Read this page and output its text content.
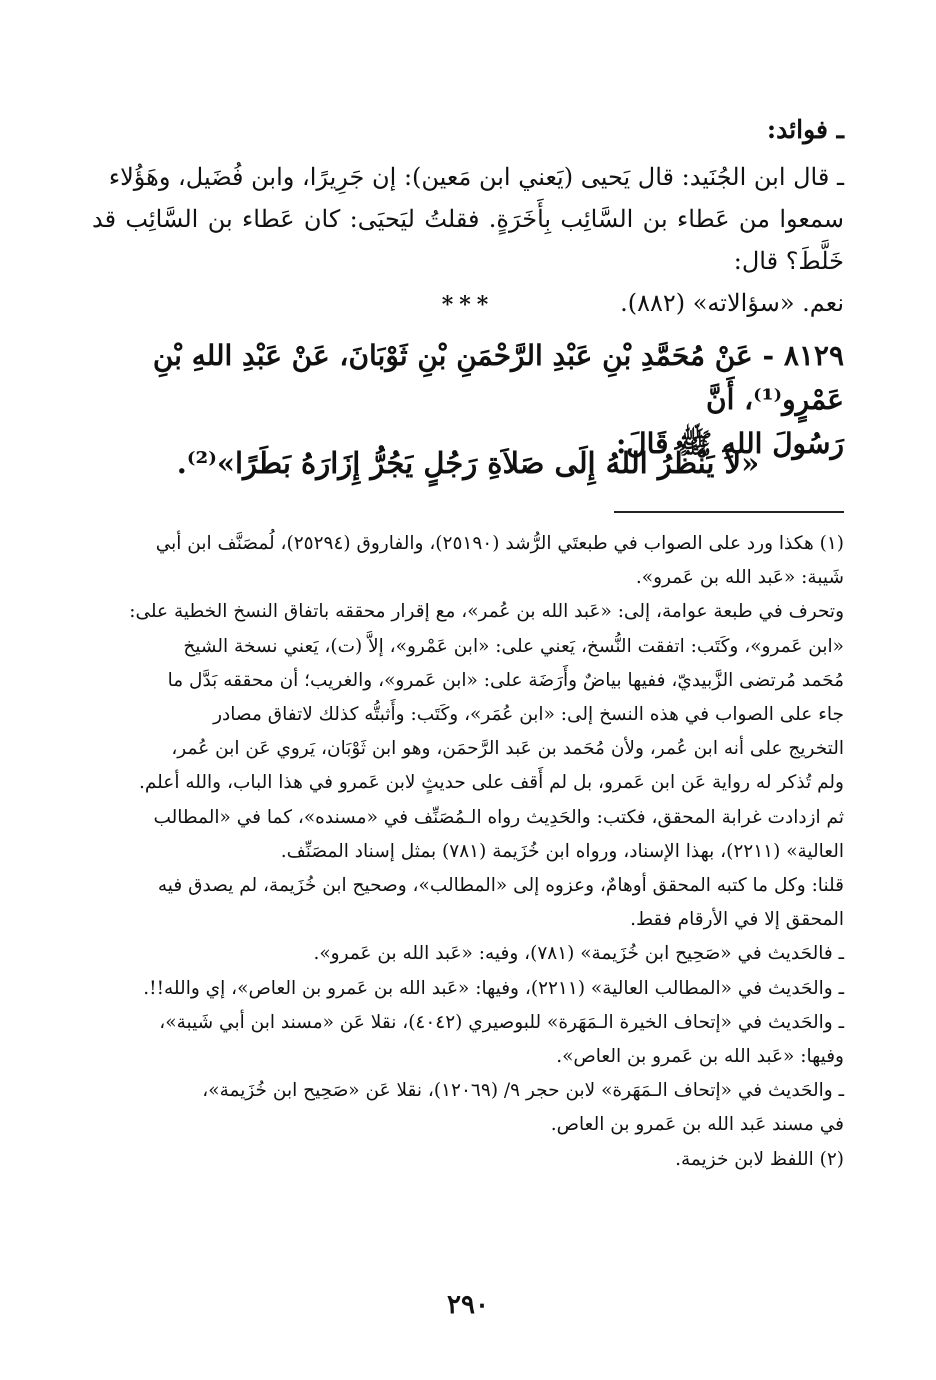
ـ فوائد:

ـ قال ابن الجُنَيد: قال يَحيى (يَعني ابن مَعين): إن جَرِيرًا، وابن فُضَيل، وهَؤُلاء

سمعوا من عَطاء بن السَّائِب بِأَخَرَةٍ. فقلتُ ليَحيَى: كان عَطاء بن السَّائِب قد خَلَّطَ؟ قال:

نعم. «سؤالاته» (٨٨٢).

***

٨١٢٩ - عَنْ مُحَمَّدِ بْنِ عَبْدِ الرَّحْمَنِ بْنِ ثَوْبَانَ، عَنْ عَبْدِ اللهِ بْنِ عَمْرٍو⁽¹⁾، أَنَّ

رَسُولَ اللهِ ﷺ قَالَ:

«لاَ يَنْظُرُ اللهُ إِلَى صَلاَةِ رَجُلٍ يَجُرُّ إِزَارَهُ بَطَرًا»⁽²⁾.

(١) هكذا ورد على الصواب في طبعتَي الرُّشد (٢٥١٩٠)، والفاروق (٢٥٢٩٤)، لُمصَنَّف ابن أبي

شَيبة: «عَبد الله بن عَمرو».

وتحرف في طبعة عوامة، إلى: «عَبد الله بن عُمر»، مع إقرار محققه باتفاق النسخ الخطية على:

«ابن عَمرو»، وكَتَب: اتفقت النُّسخ، يَعني على: «ابن عَمْرو»، إلاَّ (ت)، يَعني نسخة الشيخ

مُحَمد مُرتضى الزَّبيديّ، ففيها بياضٌ وأَرَضَة على: «ابن عَمرو»، والغريب؛ أن محققه بَدَّل ما

جاء على الصواب في هذه النسخ إلى: «ابن عُمَر»، وكَتَب: وأَثبتُّه كذلك لاتفاق مصادر

التخريج على أنه ابن عُمر، ولأن مُحَمد بن عَبد الرَّحمَن، وهو ابن ثَوْبَان، يَروي عَن ابن عُمر،

ولم تُذكر له رواية عَن ابن عَمرو، بل لم أَقف على حديثٍ لابن عَمرو في هذا الباب، والله أعلم.

ثم ازدادت غرابة المحقق، فكتب: والحَدِيث رواه الـمُصَنِّف في «مسنده»، كما في «المطالب

العالية» (٢٢١١)، بهذا الإسناد، ورواه ابن خُزَيمة (٧٨١) بمثل إسناد المصَنِّف.

قلنا: وكل ما كتبه المحقق أوهامٌ، وعزوه إلى «المطالب»، وصحيح ابن خُزَيمة، لم يصدق فيه

المحقق إلا في الأرقام فقط.

ـ فالحَديث في «صَحِيح ابن خُزَيمة» (٧٨١)، وفيه: «عَبد الله بن عَمرو».

ـ والحَديث في «المطالب العالية» (٢٢١١)، وفيها: «عَبد الله بن عَمرو بن العاص»، إي والله!!.

ـ والحَديث في «إتحاف الخيرة الـمَهَرة» للبوصيري (٤٠٤٢)، نقلا عَن «مسند ابن أبي شَيبة»،

وفيها: «عَبد الله بن عَمرو بن العاص».

ـ والحَديث في «إتحاف الـمَهَرة» لابن حجر ٩/ (١٢٠٦٩)، نقلا عَن «صَحِيح ابن خُزَيمة»،

في مسند عَبد الله بن عَمرو بن العاص.

(٢) اللفظ لابن خزيمة.

٢٩٠
